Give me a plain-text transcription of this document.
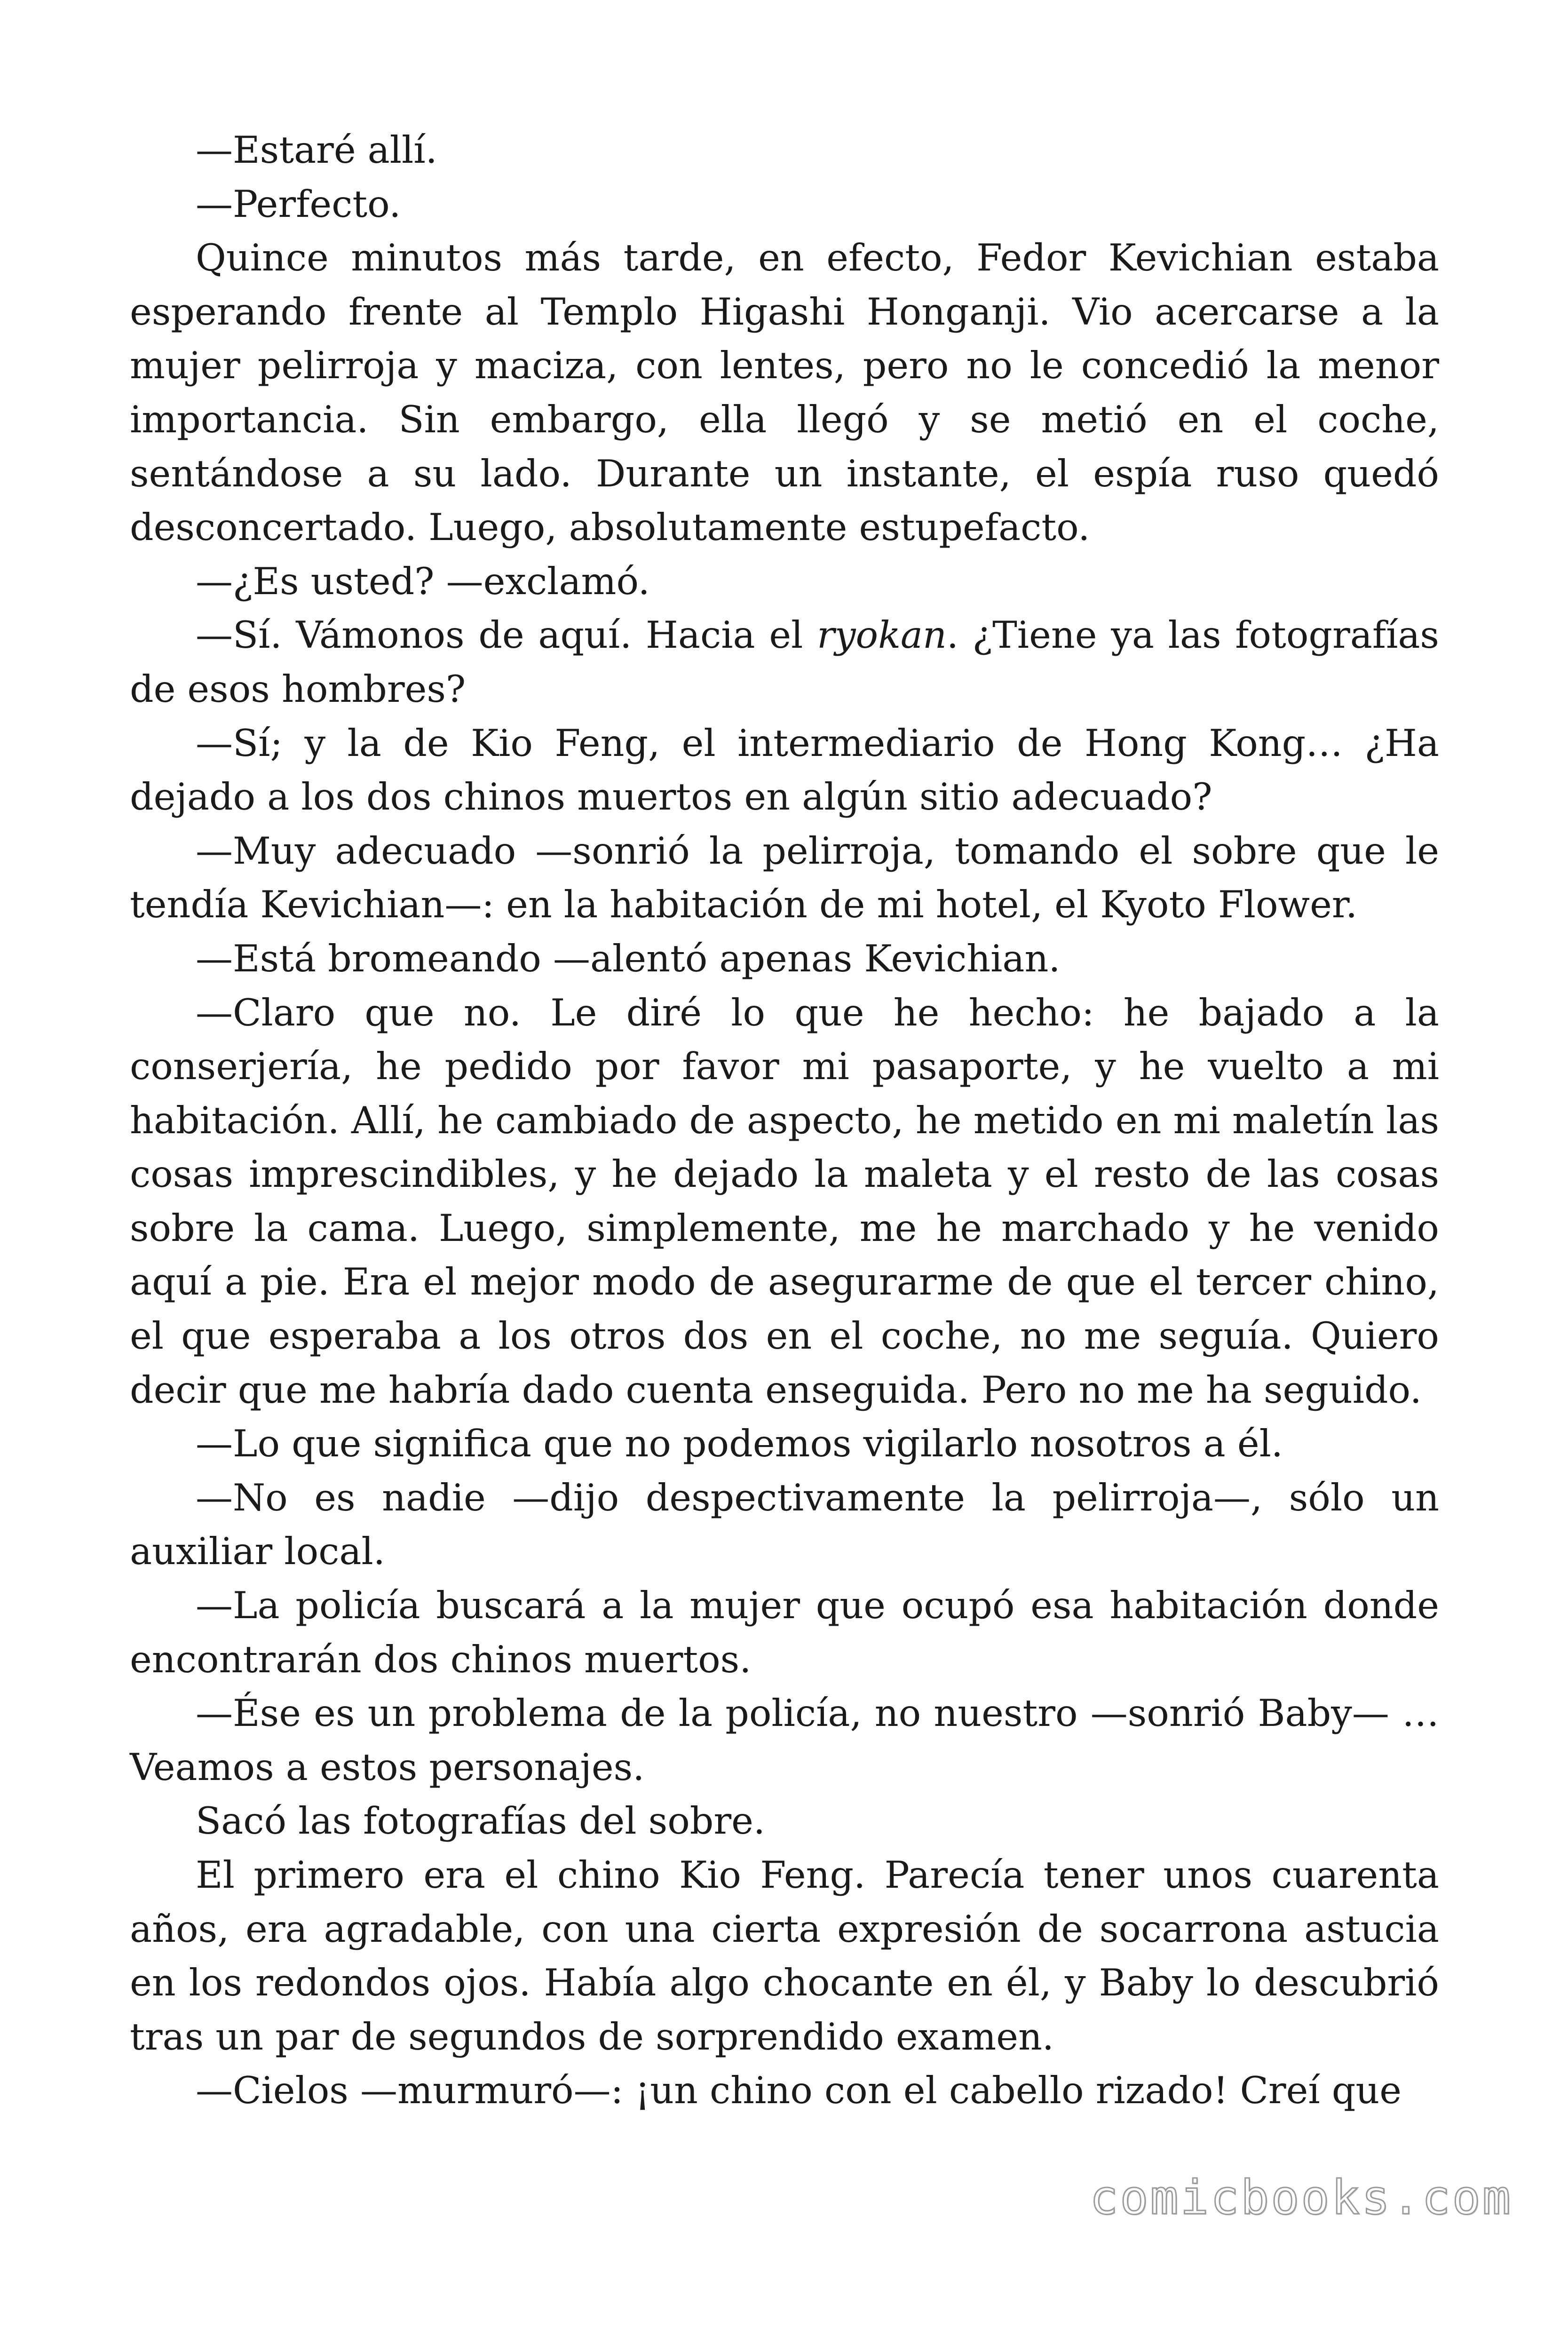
—Estaré allí.

—Perfecto.

Quince minutos más tarde, en efecto, Fedor Kevichian estaba esperando frente al Templo Higashi Honganji. Vio acercarse a la mujer pelirroja y maciza, con lentes, pero no le concedió la menor importancia. Sin embargo, ella llegó y se metió en el coche, sentándose a su lado. Durante un instante, el espía ruso quedó desconcertado. Luego, absolutamente estupefacto.

—¿Es usted? —exclamó.

—Sí. Vámonos de aquí. Hacia el ryokan. ¿Tiene ya las fotografías de esos hombres?

—Sí; y la de Kio Feng, el intermediario de Hong Kong… ¿Ha dejado a los dos chinos muertos en algún sitio adecuado?

—Muy adecuado —sonrió la pelirroja, tomando el sobre que le tendía Kevichian—: en la habitación de mi hotel, el Kyoto Flower.

—Está bromeando —alentó apenas Kevichian.

—Claro que no. Le diré lo que he hecho: he bajado a la conserjería, he pedido por favor mi pasaporte, y he vuelto a mi habitación. Allí, he cambiado de aspecto, he metido en mi maletín las cosas imprescindibles, y he dejado la maleta y el resto de las cosas sobre la cama. Luego, simplemente, me he marchado y he venido aquí a pie. Era el mejor modo de asegurarme de que el tercer chino, el que esperaba a los otros dos en el coche, no me seguía. Quiero decir que me habría dado cuenta enseguida. Pero no me ha seguido.

—Lo que significa que no podemos vigilarlo nosotros a él.

—No es nadie —dijo despectivamente la pelirroja—, sólo un auxiliar local.

—La policía buscará a la mujer que ocupó esa habitación donde encontrarán dos chinos muertos.

—Ése es un problema de la policía, no nuestro —sonrió Baby— … Veamos a estos personajes.

Sacó las fotografías del sobre.

El primero era el chino Kio Feng. Parecía tener unos cuarenta años, era agradable, con una cierta expresión de socarrona astucia en los redondos ojos. Había algo chocante en él, y Baby lo descubrió tras un par de segundos de sorprendido examen.

—Cielos —murmuró—: ¡un chino con el cabello rizado! Creí que

comicbooks.com
